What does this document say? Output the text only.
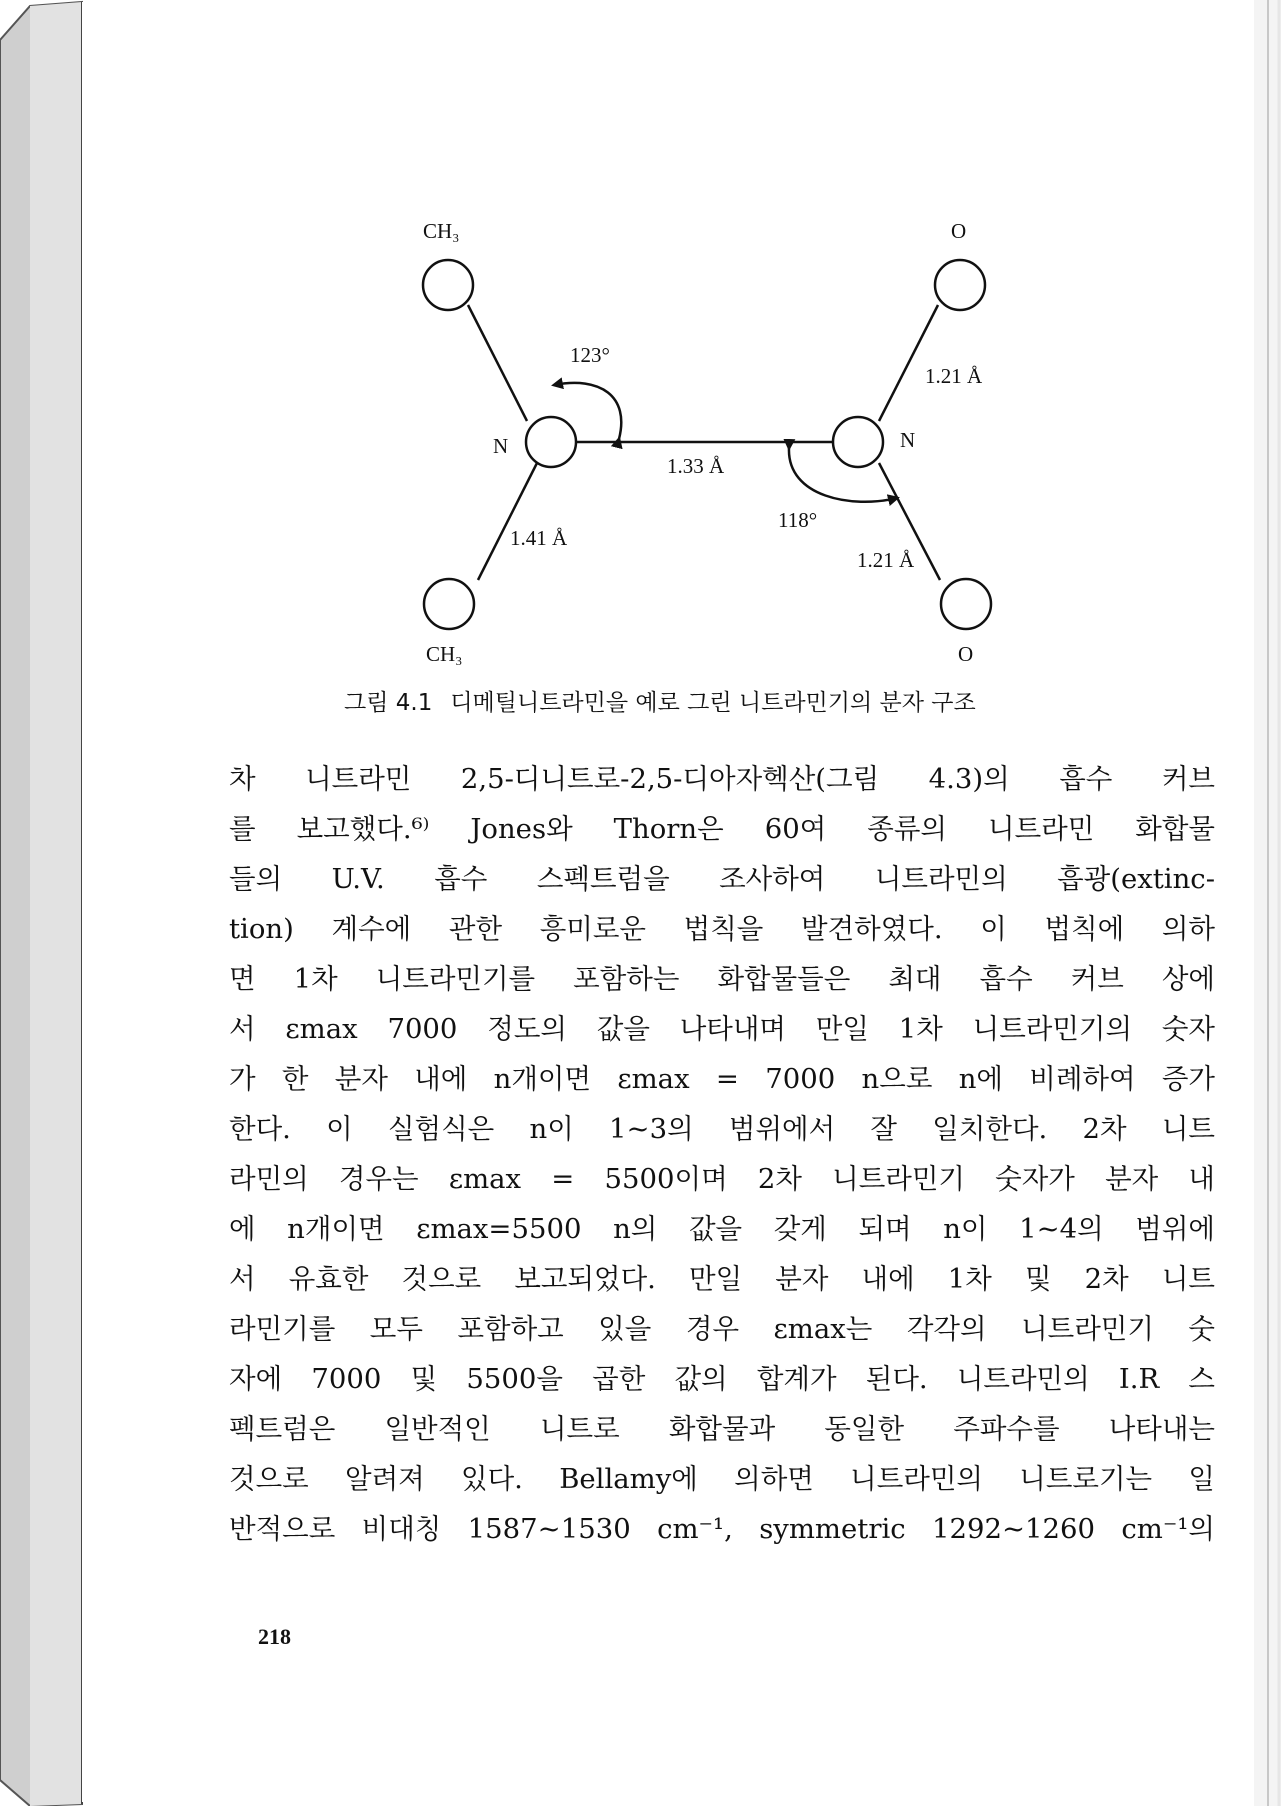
CH₃
CH₃
N	N
O
O
123°
118°
1.33 Å
1.41 Å
1.21 Å
1.21 Å
그림 4.1 디메틸니트라민을 예로 그린 니트라민기의 분자 구조
차 니트라민 2,5-디니트로-2,5-디아자헥산(그림 4.3)의 흡수 커브
를 보고했다.⁶⁾ Jones와 Thorn은 60여 종류의 니트라민 화합물
들의 U.V. 흡수 스펙트럼을 조사하여 니트라민의 흡광(extinc-
tion) 계수에 관한 흥미로운 법칙을 발견하였다. 이 법칙에 의하
면 1차 니트라민기를 포함하는 화합물들은 최대 흡수 커브 상에
서 εmax 7000 정도의 값을 나타내며 만일 1차 니트라민기의 숫자
가 한 분자 내에 n개이면 εmax = 7000 n으로 n에 비례하여 증가
한다. 이 실험식은 n이 1~3의 범위에서 잘 일치한다. 2차 니트
라민의 경우는 εmax = 5500이며 2차 니트라민기 숫자가 분자 내
에 n개이면 εmax=5500 n의 값을 갖게 되며 n이 1~4의 범위에
서 유효한 것으로 보고되었다. 만일 분자 내에 1차 및 2차 니트
라민기를 모두 포함하고 있을 경우 εmax는 각각의 니트라민기 숫
자에 7000 및 5500을 곱한 값의 합계가 된다. 니트라민의 I.R 스
펙트럼은 일반적인 니트로 화합물과 동일한 주파수를 나타내는
것으로 알려져 있다. Bellamy에 의하면 니트라민의 니트로기는 일
반적으로 비대칭 1587~1530 cm⁻¹, symmetric 1292~1260 cm⁻¹의
218
